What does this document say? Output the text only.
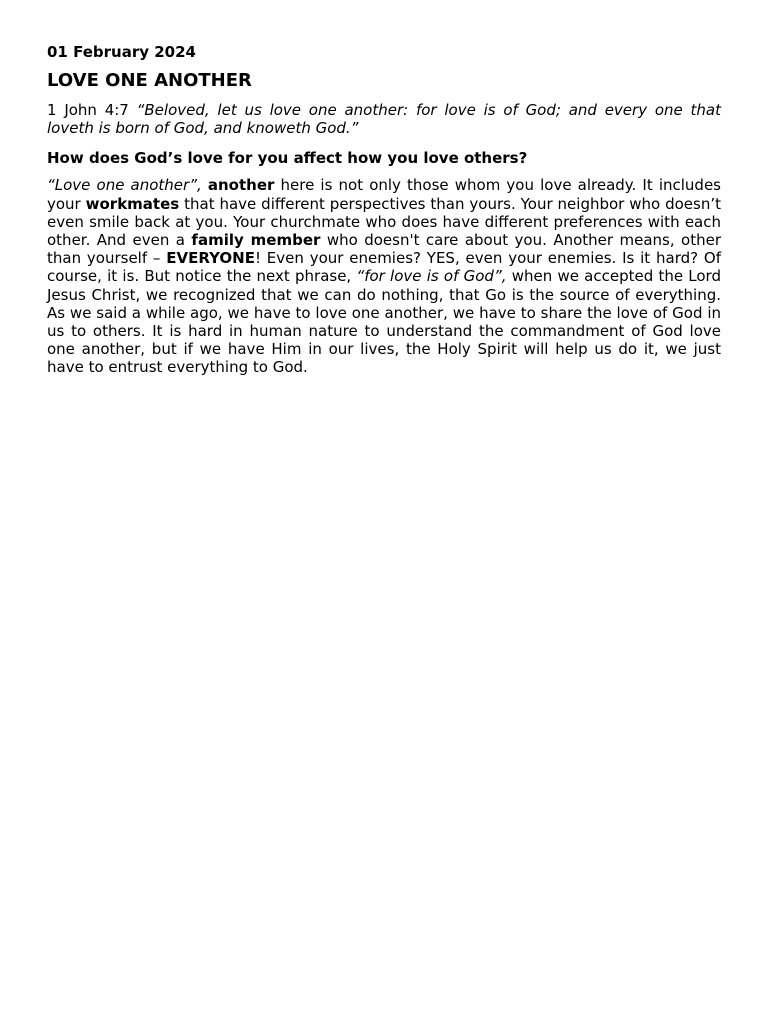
01 February 2024
LOVE ONE ANOTHER

1 John 4:7 “Beloved, let us love one another: for love is of God; and every one that loveth is born of God, and knoweth God.”

How does God’s love for you affect how you love others?

“Love one another”, another here is not only those whom you love already. It includes your workmates that have different perspectives than yours. Your neighbor who doesn’t even smile back at you. Your churchmate who does have different preferences with each other. And even a family member who doesn't care about you. Another means, other than yourself – EVERYONE! Even your enemies? YES, even your enemies. Is it hard? Of course, it is. But notice the next phrase, “for love is of God”, when we accepted the Lord Jesus Christ, we recognized that we can do nothing, that Go is the source of everything. As we said a while ago, we have to love one another, we have to share the love of God in us to others. It is hard in human nature to understand the commandment of God love one another, but if we have Him in our lives, the Holy Spirit will help us do it, we just have to entrust everything to God.
